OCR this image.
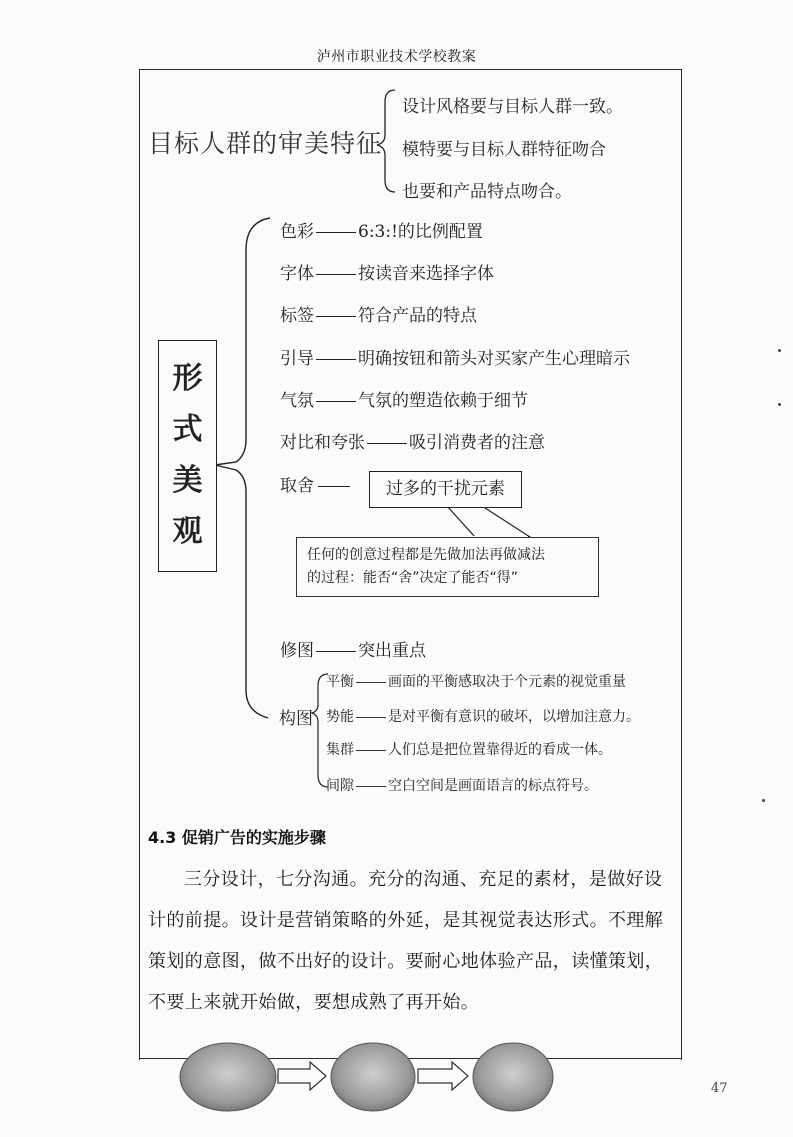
泸州市职业技术学校教案
目标人群的审美特征
设计风格要与目标人群一致。
模特要与目标人群特征吻合
也要和产品特点吻合。
形
式
美
观
色彩	6:3:!的比例配置
字体	按读音来选择字体
标签	符合产品的特点
引导	明确按钮和箭头对买家产生心理暗示
气氛	气氛的塑造依赖于细节
对比和夸张	吸引消费者的注意
取舍	过多的干扰元素
任何的创意过程都是先做加法再做减法
的过程：能否“舍”决定了能否“得”
修图	突出重点
构图
平衡 画面的平衡感取决于个元素的视觉重量
势能 是对平衡有意识的破坏，以增加注意力。
集群 人们总是把位置靠得近的看成一体。
间隙 空白空间是画面语言的标点符号。
4.3 促销广告的实施步骤

三分设计，七分沟通。充分的沟通、充足的素材，是做好设

计的前提。设计是营销策略的外延，是其视觉表达形式。不理解

策划的意图，做不出好的设计。要耐心地体验产品，读懂策划，

不要上来就开始做，要想成熟了再开始。

47
